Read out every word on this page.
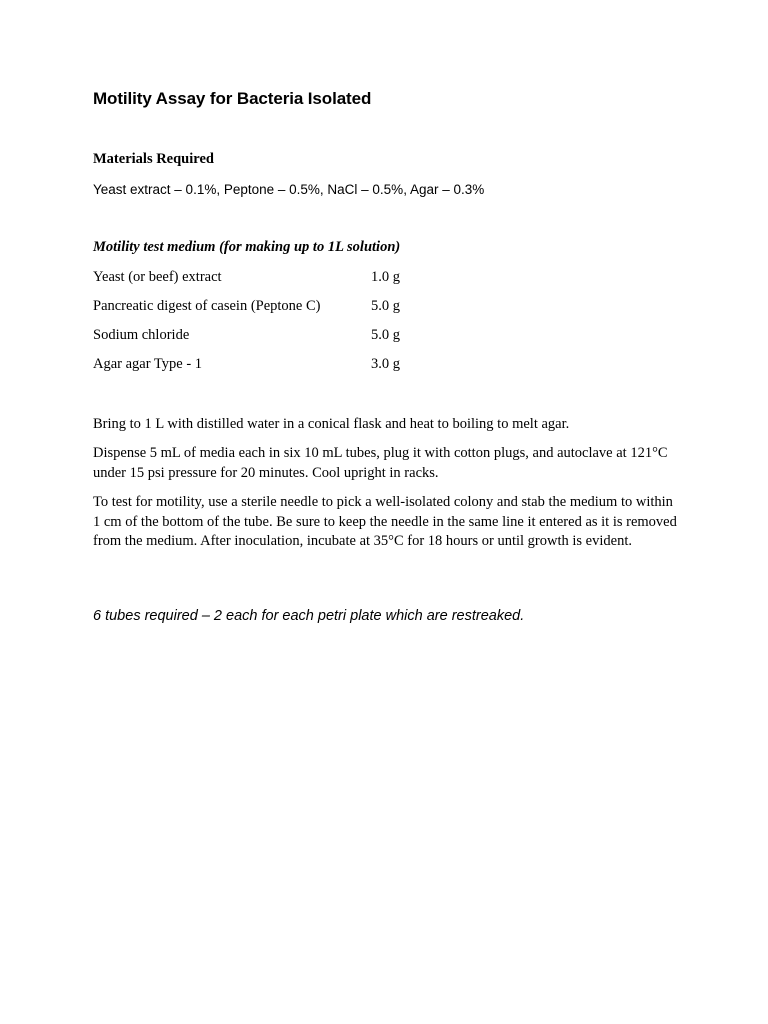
Motility Assay for Bacteria Isolated
Materials Required
Yeast extract – 0.1%, Peptone – 0.5%, NaCl – 0.5%, Agar – 0.3%
Motility test medium (for making up to 1L solution)
Yeast (or beef) extract	1.0 g
Pancreatic digest of casein (Peptone C)	5.0 g
Sodium chloride	5.0 g
Agar agar Type - 1	3.0 g
Bring to 1 L with distilled water in a conical flask and heat to boiling to melt agar.
Dispense 5 mL of media each in six 10 mL tubes, plug it with cotton plugs, and autoclave at 121°C under 15 psi pressure for 20 minutes. Cool upright in racks.
To test for motility, use a sterile needle to pick a well-isolated colony and stab the medium to within 1 cm of the bottom of the tube. Be sure to keep the needle in the same line it entered as it is removed from the medium. After inoculation, incubate at 35°C for 18 hours or until growth is evident.
6 tubes required – 2 each for each petri plate which are restreaked.
